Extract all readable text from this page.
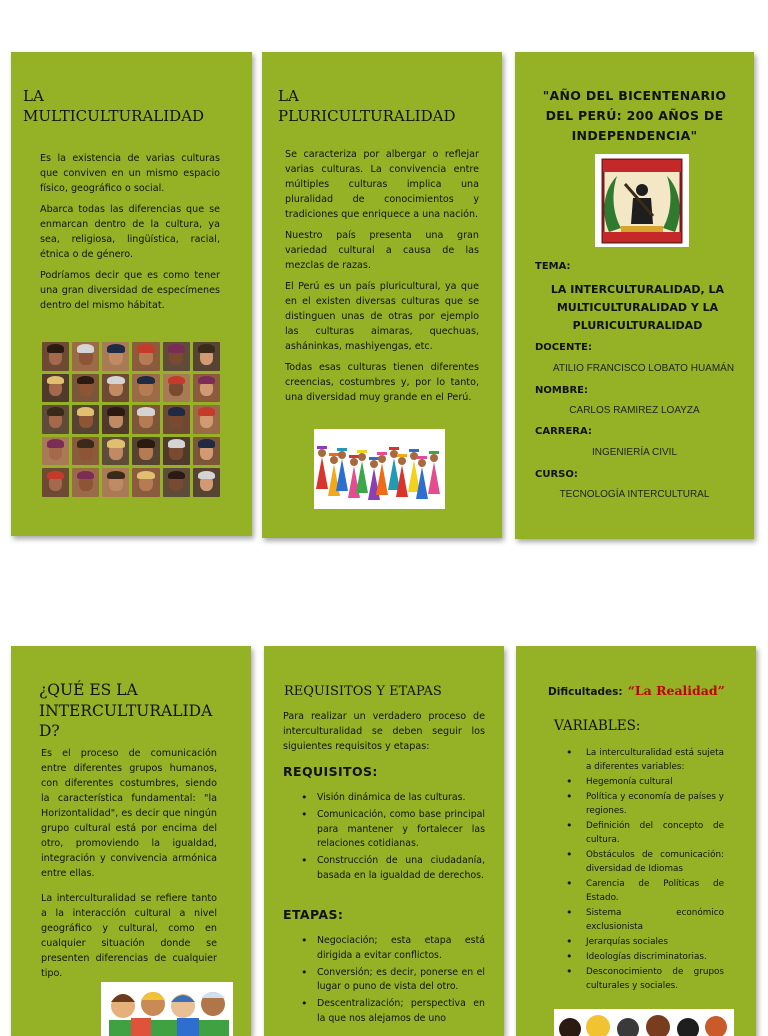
LA
MULTICULTURALIDAD

Es la existencia de varias culturas que conviven en un mismo espacio físico, geográfico o social.

Abarca todas las diferencias que se enmarcan dentro de la cultura, ya sea, religiosa, lingüística, racial, étnica o de género.

Podríamos decir que es como tener una gran diversidad de especímenes dentro del mismo hábitat.

LA
PLURICULTURALIDAD

Se caracteriza por albergar o reflejar varias culturas. La convivencia entre múltiples culturas implica una pluralidad de conocimientos y tradiciones que enriquece a una nación.

Nuestro país presenta una gran variedad cultural a causa de las mezclas de razas.

El Perú es un país pluricultural, ya que en el existen diversas culturas que se distinguen unas de otras por ejemplo las culturas aimaras, quechuas, asháninkas, mashiyengas, etc.

Todas esas culturas tienen diferentes creencias, costumbres y, por lo tanto, una diversidad muy grande en el Perú.

"AÑO DEL BICENTENARIO DEL PERÚ: 200 AÑOS DE INDEPENDENCIA"
TEMA:
LA INTERCULTURALIDAD, LA MULTICULTURALIDAD Y LA PLURICULTURALIDAD
DOCENTE:
ATILIO FRANCISCO LOBATO HUAMÁN
NOMBRE:
CARLOS RAMIREZ LOAYZA
CARRERA:
INGENIERÍA CIVIL
CURSO:
TECNOLOGÍA INTERCULTURAL
¿QUÉ ES LA
INTERCULTURALIDA
D?

Es el proceso de comunicación entre diferentes grupos humanos, con diferentes costumbres, siendo la característica fundamental: "la Horizontalidad", es decir que ningún grupo cultural está por encima del otro, promoviendo la igualdad, integración y convivencia armónica entre ellas.

La interculturalidad se refiere tanto a la interacción cultural a nivel geográfico y cultural, como en cualquier situación donde se presenten diferencias de cualquier tipo.

REQUISITOS Y ETAPAS
Para realizar un verdadero proceso de interculturalidad se deben seguir los siguientes requisitos y etapas:
REQUISITOS:
• Visión dinámica de las culturas.
• Comunicación, como base principal para mantener y fortalecer las relaciones cotidianas.
• Construcción de una ciudadanía, basada en la igualdad de derechos.
ETAPAS:
• Negociación; esta etapa está dirigida a evitar conflictos.
• Conversión; es decir, ponerse en el lugar o puno de vista del otro.
• Descentralización; perspectiva en la que nos alejamos de uno
Dificultades: “La Realidad”
VARIABLES:
• La interculturalidad está sujeta a diferentes variables:
• Hegemonía cultural
• Política y economía de países y regiones.
• Definición del concepto de cultura.
• Obstáculos de comunicación: diversidad de Idiomas
• Carencia de Políticas de Estado.
• Sistema económico exclusionista
• Jerarquías sociales
• Ideologías discriminatorias.
• Desconocimiento de grupos culturales y sociales.
